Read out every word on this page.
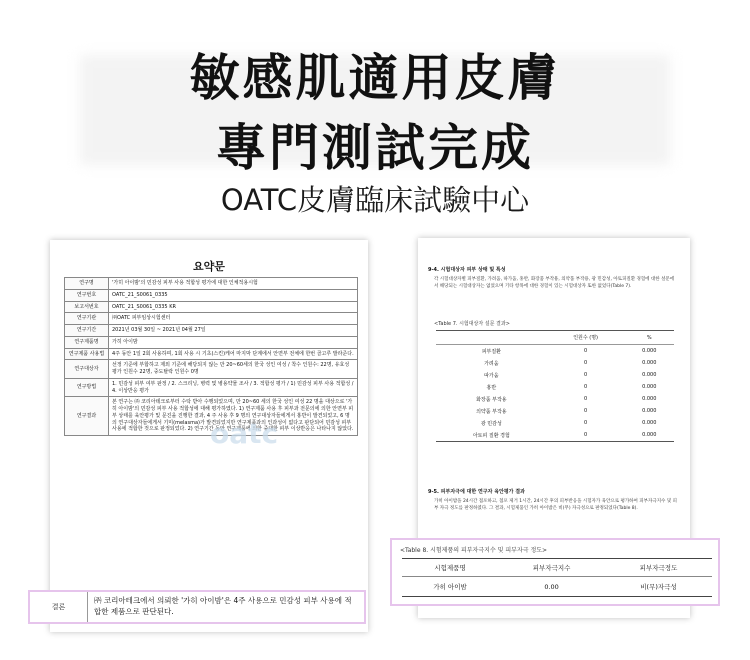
敏感肌適用皮膚
專門測試完成
OATC皮膚臨床試驗中心
요약문
연구명	'가히 아이밤'의 민감성 피부 사용 적합성 평가에 대한 인체적용시험
연구번호	OATC_21_S0061_0335
보고서번호	OATC_21_S0061_0335 KR
연구기관	㈜OATC 피부임상시험센터
연구기간	2021년 03월 30일 ~ 2021년 04월 27일
연구제품명	가히 아이밤
연구제품 사용법	4주 동안 1일 2회 사용하며, 1회 사용 시 기초(스킨)케어 마지막 단계에서 안면부 전체에 한번 골고루 발라준다.
연구대상자	선정 기준에 부합하고 제외 기준에 해당되지 않는 만 20~60세의 한국 성인 여성 / 착수 인원수: 22명, 유효성 평가 인원수 22명, 중도탈락 인원수 0명
연구방법	1. 민감성 피부 여부 판정 / 2. 스크리닝, 병력 및 병용약물 조사 / 3. 적합성 평가 / 1) 민감성 피부 사용 적합성 / 4. 이상반응 평가
연구결과	본 연구는 ㈜ 코리아테크로부터 수탁 받아 수행되었으며, 만 20~60 세의 한국 성인 여성 22 명을 대상으로 '가히 아이밤'의 민감성 피부 사용 적합성에 대해 평가하였다. 1) 연구제품 사용 후 피부과 전문의에 의한 안면부 피부 상태를 육안평가 및 문진을 진행한 결과, 4 주 사용 후 9 명의 연구대상자들에게서 홍반이 발견되었고, 6 명의 연구대상자들에게서 기미(melasma)가 발견되었지만 연구제품과의 인과성이 없다고 판단되어 민감성 피부 사용에 적합한 것으로 판정되었다. 2) 연구기간 동안 연구제품에 의한 중대한 피부 이상반응은 나타나지 않았다.
oatc
결론
㈜ 코리아테크에서 의뢰한 '가히 아이밤'은 4주 사용으로 민감성 피부 사용에 적합한 제품으로 판단된다.
9-4. 시험대상자 피부 상태 및 특성
각 시험대상자별 피부질환, 가려움, 따가움, 홍반, 화장품 부작용, 의약품 부작용, 광 민감성, 아토피질환 경험에 대한 설문에서 해당되는 시험대상자는 없었으며 기타 항목에 대한 경험이 있는 시험대상자 또한 없었다(Table 7).
<Table 7. 시험대상자 설문 결과>
	인원수 (명)	%
피부질환	0	0.000
가려움	0	0.000
따가움	0	0.000
홍반	0	0.000
화장품 부작용	0	0.000
의약품 부작용	0	0.000
광 민감성	0	0.000
아토피 질환 경험	0	0.000
9-5. 피부자극에 대한 연구자 육안평가 결과
가히 아이밤을 24시간 첩포하고, 첩포 제거 1시간, 24시간 후의 피부반응을 시험자가 육안으로 평가하여 피부자극지수 및 피부 자극 정도를 판정하였다. 그 결과, 시험제품인 가히 아이밤은 비(무) 자극성으로 판정되었다(Table 8).
<Table 8. 시험제품의 피부자극지수 및 피부자극 정도>
시험제품명	피부자극지수	피부자극정도
가히 아이밤	0.00	비(무)자극성
